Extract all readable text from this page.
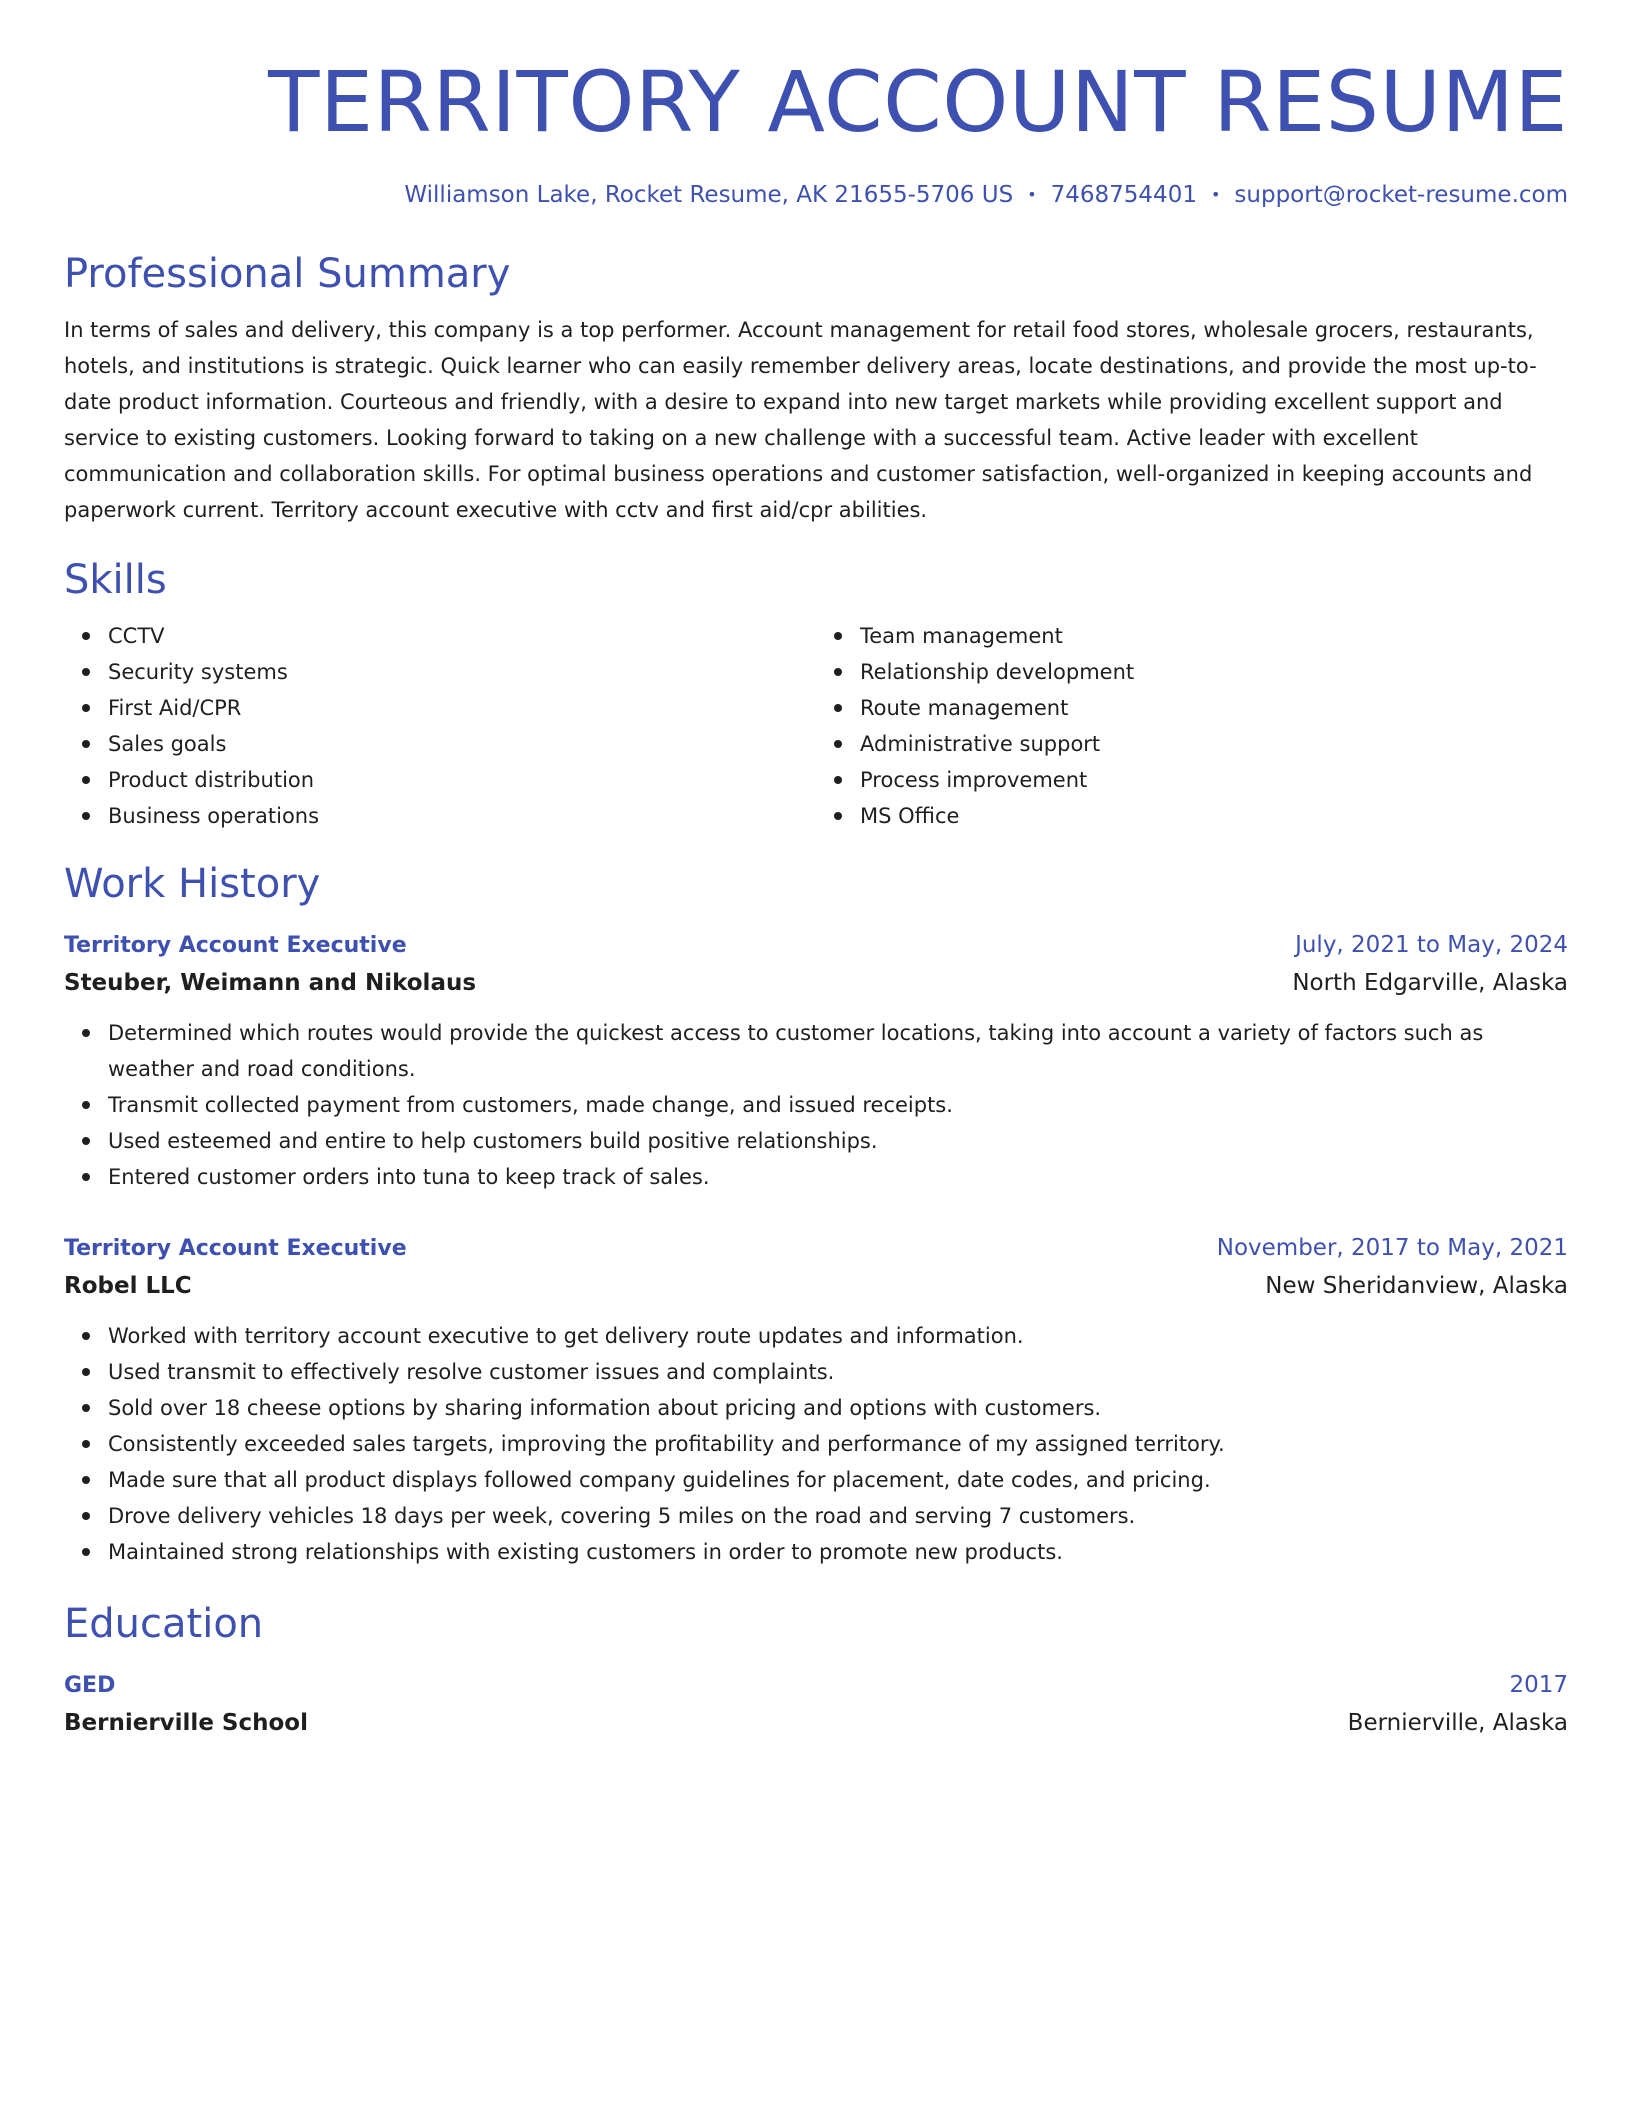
TERRITORY ACCOUNT RESUME
Williamson Lake, Rocket Resume, AK 21655-5706 US • 7468754401 • support@rocket-resume.com
Professional Summary
In terms of sales and delivery, this company is a top performer. Account management for retail food stores, wholesale grocers, restaurants, hotels, and institutions is strategic. Quick learner who can easily remember delivery areas, locate destinations, and provide the most up-to-date product information. Courteous and friendly, with a desire to expand into new target markets while providing excellent support and service to existing customers. Looking forward to taking on a new challenge with a successful team. Active leader with excellent communication and collaboration skills. For optimal business operations and customer satisfaction, well-organized in keeping accounts and paperwork current. Territory account executive with cctv and first aid/cpr abilities.
Skills
CCTV
Security systems
First Aid/CPR
Sales goals
Product distribution
Business operations
Team management
Relationship development
Route management
Administrative support
Process improvement
MS Office
Work History
Territory Account Executive	July, 2021 to May, 2024
Steuber, Weimann and Nikolaus	North Edgarville, Alaska
Determined which routes would provide the quickest access to customer locations, taking into account a variety of factors such as weather and road conditions.
Transmit collected payment from customers, made change, and issued receipts.
Used esteemed and entire to help customers build positive relationships.
Entered customer orders into tuna to keep track of sales.
Territory Account Executive	November, 2017 to May, 2021
Robel LLC	New Sheridanview, Alaska
Worked with territory account executive to get delivery route updates and information.
Used transmit to effectively resolve customer issues and complaints.
Sold over 18 cheese options by sharing information about pricing and options with customers.
Consistently exceeded sales targets, improving the profitability and performance of my assigned territory.
Made sure that all product displays followed company guidelines for placement, date codes, and pricing.
Drove delivery vehicles 18 days per week, covering 5 miles on the road and serving 7 customers.
Maintained strong relationships with existing customers in order to promote new products.
Education
GED	2017
Bernierville School	Bernierville, Alaska
